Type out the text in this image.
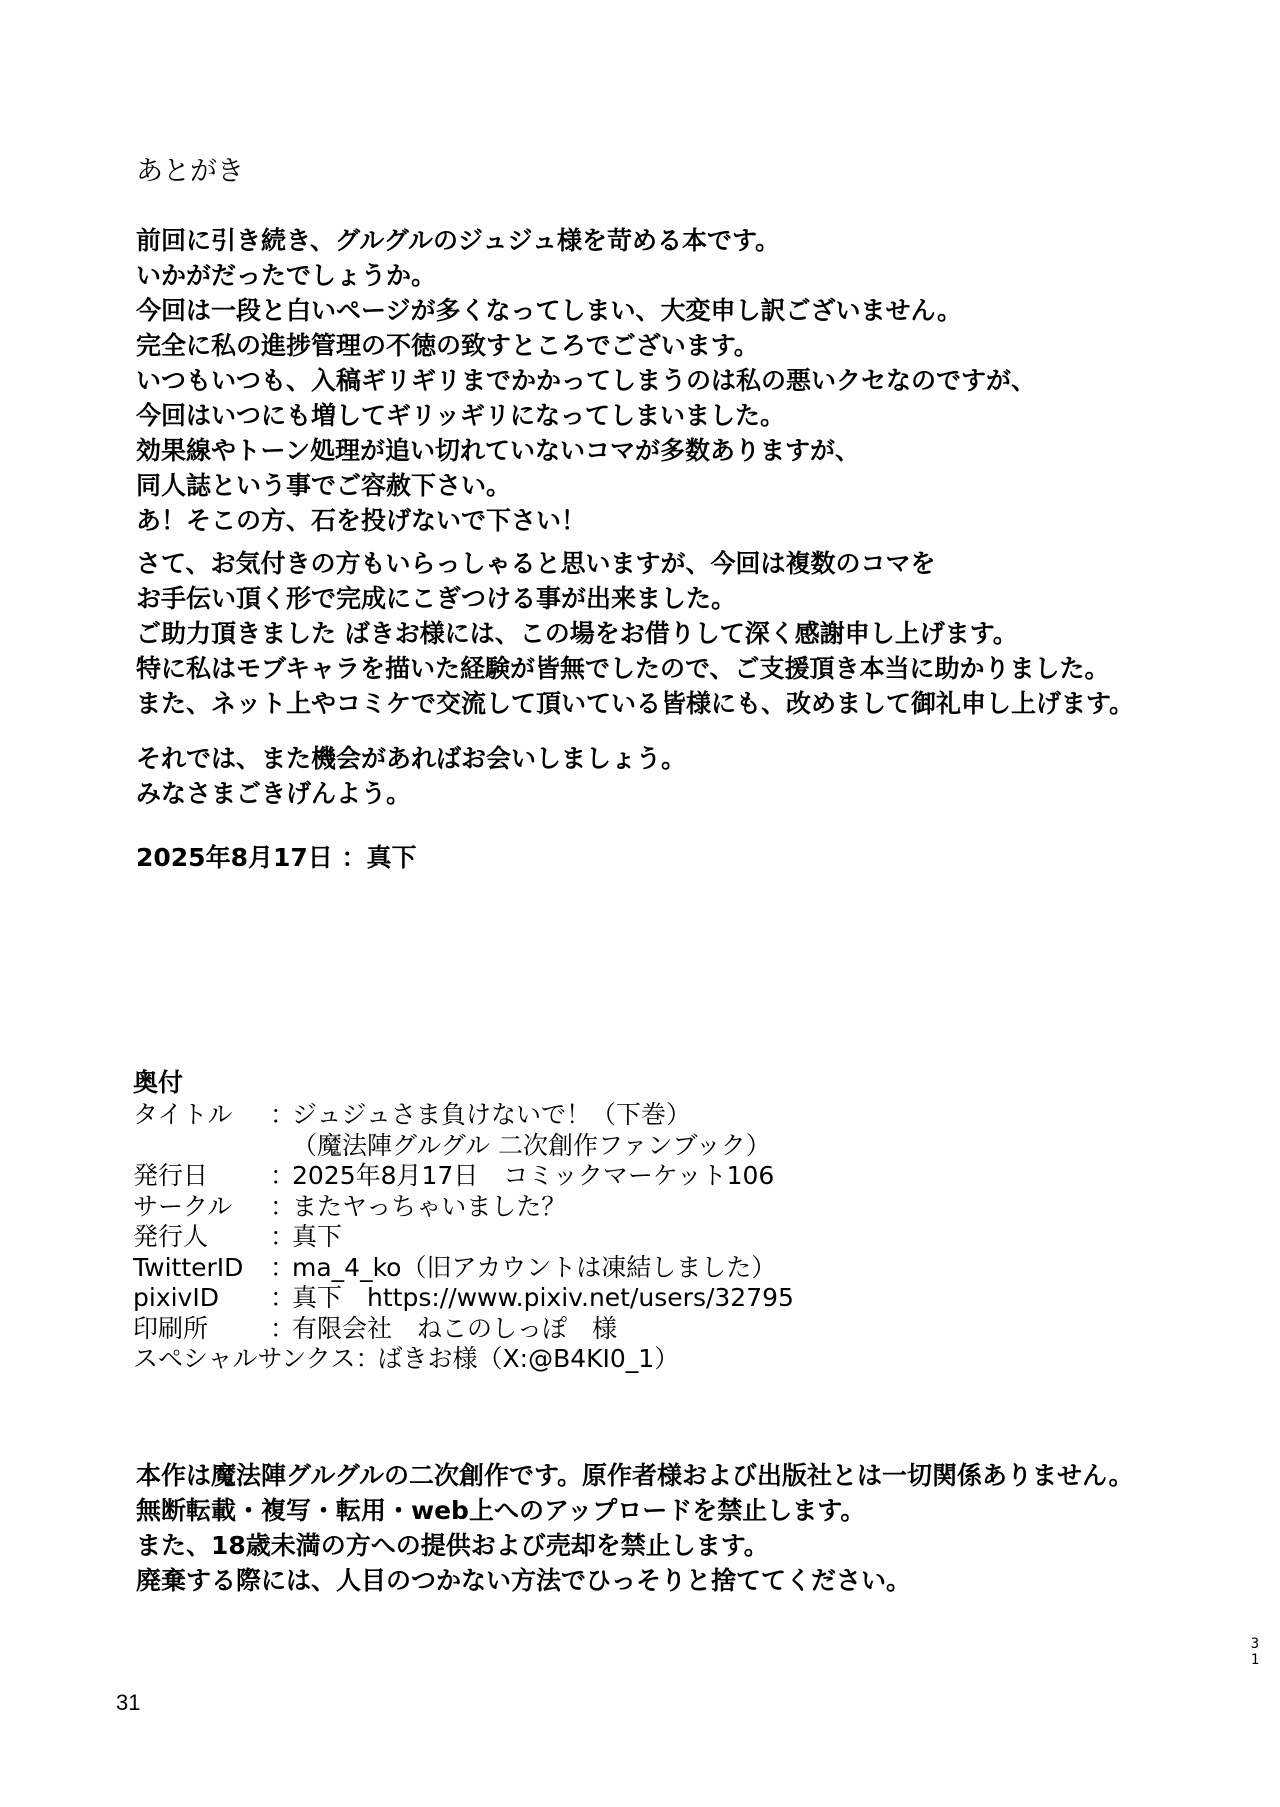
あとがき
前回に引き続き、グルグルのジュジュ様を苛める本です。
いかがだったでしょうか。
今回は一段と白いページが多くなってしまい、大変申し訳ございません。
完全に私の進捗管理の不徳の致すところでございます。
いつもいつも、入稿ギリギリまでかかってしまうのは私の悪いクセなのですが、
今回はいつにも増してギリッギリになってしまいました。
効果線やトーン処理が追い切れていないコマが多数ありますが、
同人誌という事でご容赦下さい。
あ！そこの方、石を投げないで下さい！
さて、お気付きの方もいらっしゃると思いますが、今回は複数のコマを
お手伝い頂く形で完成にこぎつける事が出来ました。
ご助力頂きました ばきお様には、この場をお借りして深く感謝申し上げます。
特に私はモブキャラを描いた経験が皆無でしたので、ご支援頂き本当に助かりました。
また、ネット上やコミケで交流して頂いている皆様にも、改めまして御礼申し上げます。
それでは、また機会があればお会いしましょう。
みなさまごきげんよう。
2025年8月17日 ：真下
奥付
タイトル	：
ジュジュさま負けないで！（下巻）
（魔法陣グルグル 二次創作ファンブック）
発行日	：
2025年8月17日　コミックマーケット106
サークル	：
またヤっちゃいました？
発行人	：
真下
TwitterID	：
ma_4_ko（旧アカウントは凍結しました）
pixivID	：
真下　https://www.pixiv.net/users/32795
印刷所	：
有限会社　ねこのしっぽ　様
スペシャルサンクス ：
ばきお様（X:@B4KI0_1）
本作は魔法陣グルグルの二次創作です。原作者様および出版社とは一切関係ありません。
無断転載・複写・転用・web上へのアップロードを禁止します。
また、18歳未満の方への提供および売却を禁止します。
廃棄する際には、人目のつかない方法でひっそりと捨ててください。
3
1
31
